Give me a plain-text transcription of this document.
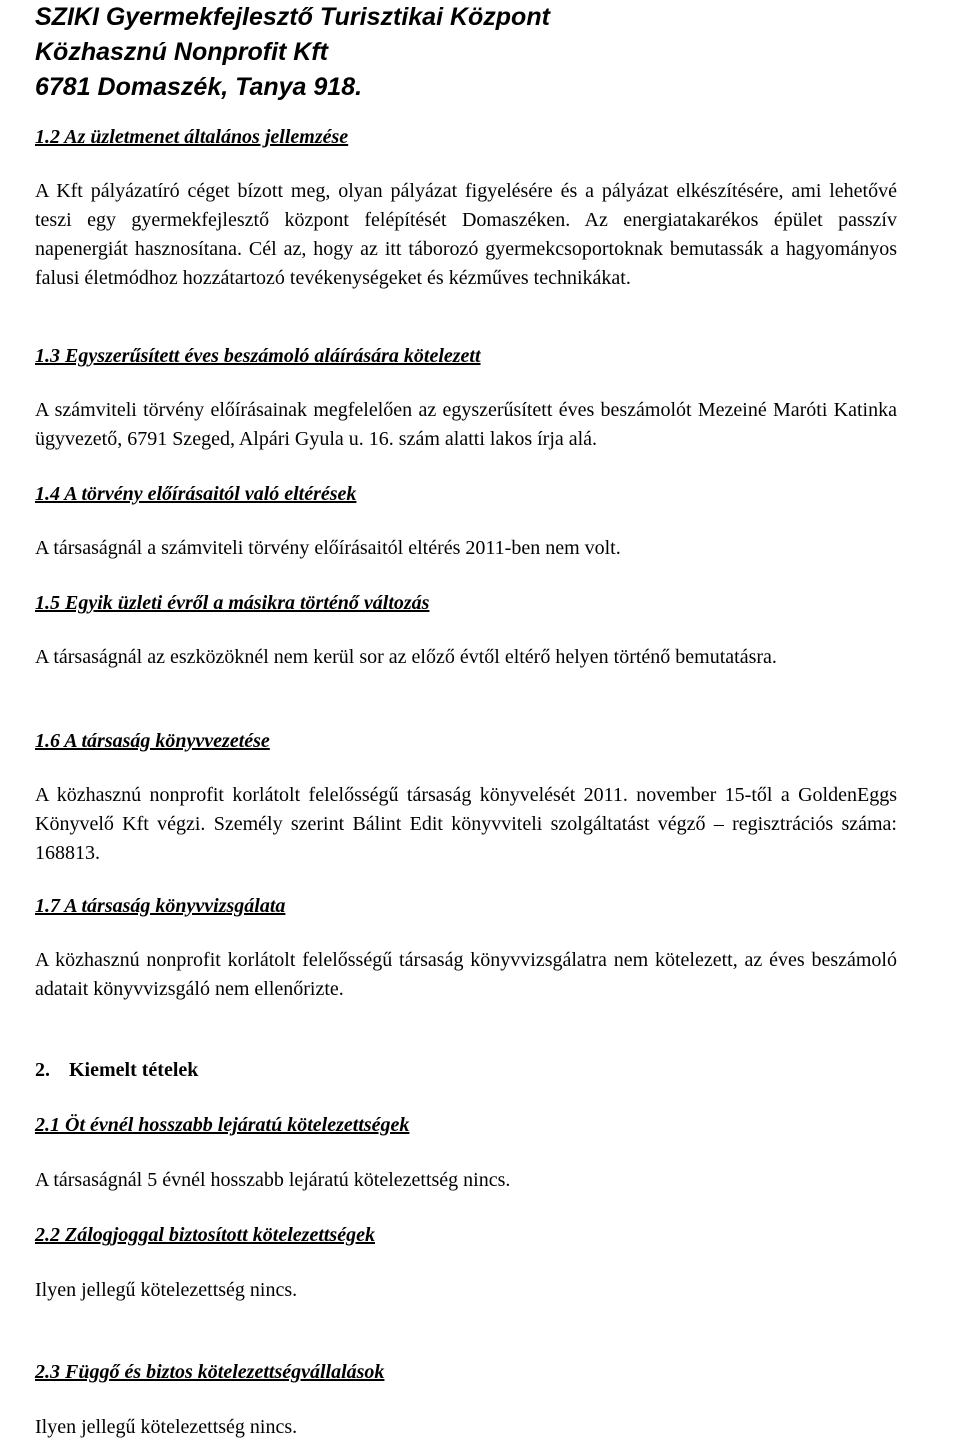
SZIKI Gyermekfejlesztő Turisztikai Központ
Közhasznú Nonprofit Kft
6781 Domaszék, Tanya 918.
1.2 Az üzletmenet általános jellemzése
A Kft pályázatíró céget bízott meg, olyan pályázat figyelésére és a pályázat elkészítésére, ami lehetővé teszi egy gyermekfejlesztő központ felépítését Domaszéken. Az energiatakarékos épület passzív napenergiát hasznosítana. Cél az, hogy az itt táborozó gyermekcsoportoknak bemutassák a hagyományos falusi életmódhoz hozzátartozó tevékenységeket és kézműves technikákat.
1.3 Egyszerűsített éves beszámoló aláírására kötelezett
A számviteli törvény előírásainak megfelelően az egyszerűsített éves beszámolót Mezeiné Maróti Katinka ügyvezető, 6791 Szeged, Alpári Gyula u. 16. szám alatti lakos írja alá.
1.4 A törvény előírásaitól való eltérések
A társaságnál a számviteli törvény előírásaitól eltérés 2011-ben nem volt.
1.5 Egyik üzleti évről a másikra történő változás
A társaságnál az eszközöknél nem kerül sor az előző évtől eltérő helyen történő bemutatásra.
1.6 A társaság könyvvezetése
A közhasznú nonprofit korlátolt felelősségű társaság könyvelését 2011. november 15-től a GoldenEggs Könyvelő Kft végzi. Személy szerint Bálint Edit könyvviteli szolgáltatást végző – regisztrációs száma: 168813.
1.7 A társaság könyvvizsgálata
A közhasznú nonprofit korlátolt felelősségű társaság könyvvizsgálatra nem kötelezett, az éves beszámoló adatait könyvvizsgáló nem ellenőrizte.
2. Kiemelt tételek
2.1 Öt évnél hosszabb lejáratú kötelezettségek
A társaságnál 5 évnél hosszabb lejáratú kötelezettség nincs.
2.2 Zálogjoggal biztosított kötelezettségek
Ilyen jellegű kötelezettség nincs.
2.3 Függő és biztos kötelezettségvállalások
Ilyen jellegű kötelezettség nincs.
